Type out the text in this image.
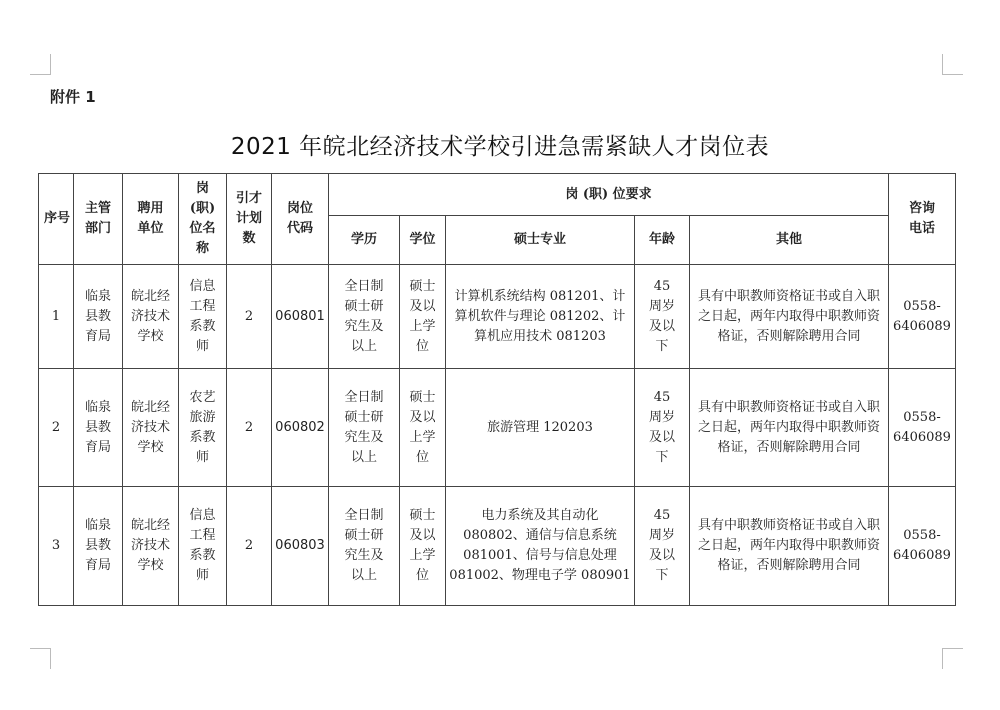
附件 1
2021 年皖北经济技术学校引进急需紧缺人才岗位表
序号	主管部门	聘用单位	岗(职)位名称	引才计划数	岗位代码	岗 (职) 位要求					咨询电话
						学历	学位	硕士专业	年龄	其他	
1	临泉县教育局	皖北经济技术学校	信息工程系教师	2	060801	全日制硕士研究生及以上	硕士及以上学位	计算机系统结构 081201、计算机软件与理论 081202、计算机应用技术 081203	45 周岁及以下	具有中职教师资格证书或自入职之日起，两年内取得中职教师资格证，否则解除聘用合同	0558-6406089
2	临泉县教育局	皖北经济技术学校	农艺旅游系教师	2	060802	全日制硕士研究生及以上	硕士及以上学位	旅游管理 120203	45 周岁及以下	具有中职教师资格证书或自入职之日起，两年内取得中职教师资格证，否则解除聘用合同	0558-6406089
3	临泉县教育局	皖北经济技术学校	信息工程系教师	2	060803	全日制硕士研究生及以上	硕士及以上学位	电力系统及其自动化 080802、通信与信息系统 081001、信号与信息处理 081002、物理电子学 080901	45 周岁及以下	具有中职教师资格证书或自入职之日起，两年内取得中职教师资格证，否则解除聘用合同	0558-6406089
